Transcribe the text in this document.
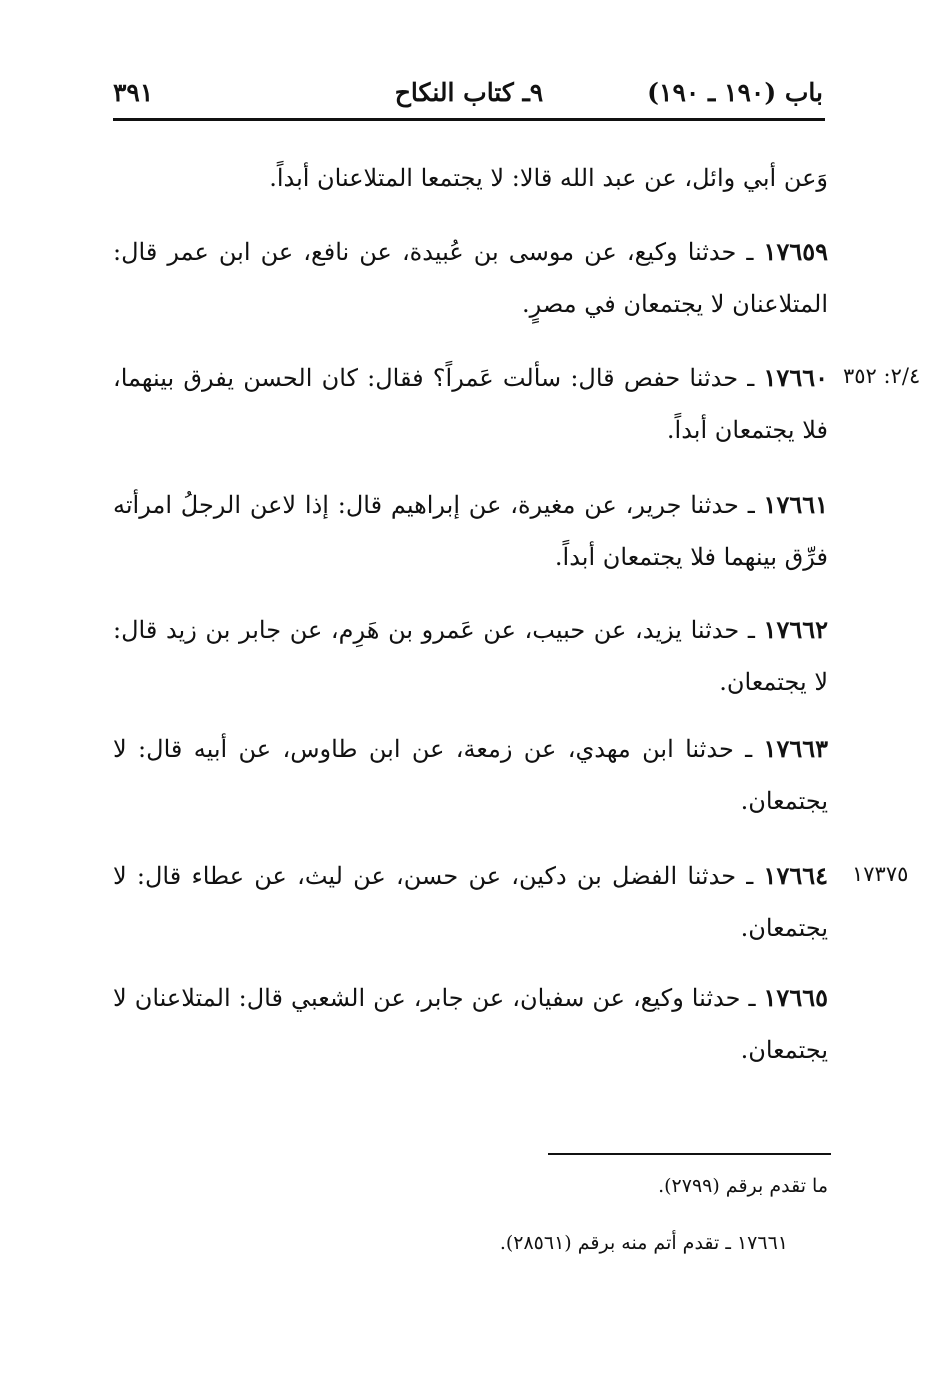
باب (١٩٠ ـ ١٩٠)
٩ـ كتاب النكاح
٣٩١
وَعن أبي وائل، عن عبد الله قالا: لا يجتمعا المتلاعنان أبداً.
١٧٦٥٩ ـ حدثنا وكيع، عن موسى بن عُبيدة، عن نافع، عن ابن عمر قال: المتلاعنان لا يجتمعان في مصرٍ.
١٧٦٦٠ ـ حدثنا حفص قال: سألت عَمراً؟ فقال: كان الحسن يفرق بينهما، فلا يجتمعان أبداً.
١٧٦٦١ ـ حدثنا جرير، عن مغيرة، عن إبراهيم قال: إذا لاعن الرجلُ امرأته فرِّق بينهما فلا يجتمعان أبداً.
١٧٦٦٢ ـ حدثنا يزيد، عن حبيب، عن عَمرو بن هَرِم، عن جابر بن زيد قال: لا يجتمعان.
١٧٦٦٣ ـ حدثنا ابن مهدي، عن زمعة، عن ابن طاوس، عن أبيه قال: لا يجتمعان.
١٧٦٦٤ ـ حدثنا الفضل بن دكين، عن حسن، عن ليث، عن عطاء قال: لا يجتمعان.
١٧٦٦٥ ـ حدثنا وكيع، عن سفيان، عن جابر، عن الشعبي قال: المتلاعنان لا يجتمعان.
٢/٤: ٣٥٢
١٧٣٧٥
ما تقدم برقم (٢٧٩٩).
١٧٦٦١ ـ تقدم أتم منه برقم (٢٨٥٦١).
